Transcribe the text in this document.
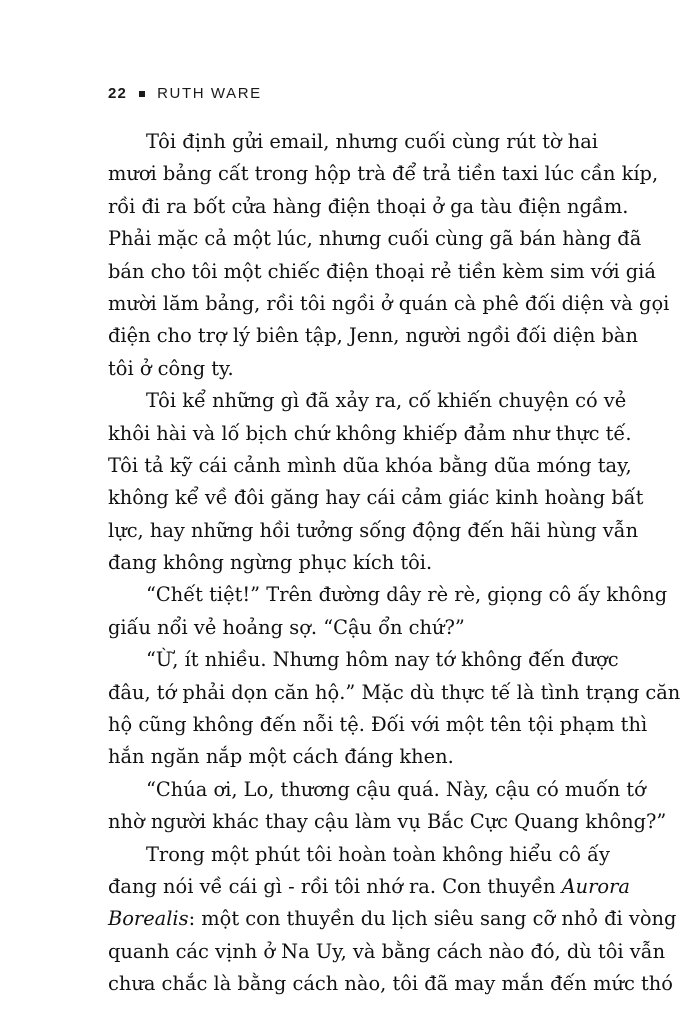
22 RUTH WARE
Tôi định gửi email, nhưng cuối cùng rút tờ hai
mươi bảng cất trong hộp trà để trả tiền taxi lúc cần kíp,
rồi đi ra bốt cửa hàng điện thoại ở ga tàu điện ngầm.
Phải mặc cả một lúc, nhưng cuối cùng gã bán hàng đã
bán cho tôi một chiếc điện thoại rẻ tiền kèm sim với giá
mười lăm bảng, rồi tôi ngồi ở quán cà phê đối diện và gọi
điện cho trợ lý biên tập, Jenn, người ngồi đối diện bàn
tôi ở công ty.
Tôi kể những gì đã xảy ra, cố khiến chuyện có vẻ
khôi hài và lố bịch chứ không khiếp đảm như thực tế.
Tôi tả kỹ cái cảnh mình dũa khóa bằng dũa móng tay,
không kể về đôi găng hay cái cảm giác kinh hoàng bất
lực, hay những hồi tưởng sống động đến hãi hùng vẫn
đang không ngừng phục kích tôi.
“Chết tiệt!” Trên đường dây rè rè, giọng cô ấy không
giấu nổi vẻ hoảng sợ. “Cậu ổn chứ?”
“Ừ, ít nhiều. Nhưng hôm nay tớ không đến được
đâu, tớ phải dọn căn hộ.” Mặc dù thực tế là tình trạng căn
hộ cũng không đến nỗi tệ. Đối với một tên tội phạm thì
hắn ngăn nắp một cách đáng khen.
“Chúa ơi, Lo, thương cậu quá. Này, cậu có muốn tớ
nhờ người khác thay cậu làm vụ Bắc Cực Quang không?”
Trong một phút tôi hoàn toàn không hiểu cô ấy
đang nói về cái gì - rồi tôi nhớ ra. Con thuyền Aurora
Borealis: một con thuyền du lịch siêu sang cỡ nhỏ đi vòng
quanh các vịnh ở Na Uy, và bằng cách nào đó, dù tôi vẫn
chưa chắc là bằng cách nào, tôi đã may mắn đến mức thó
